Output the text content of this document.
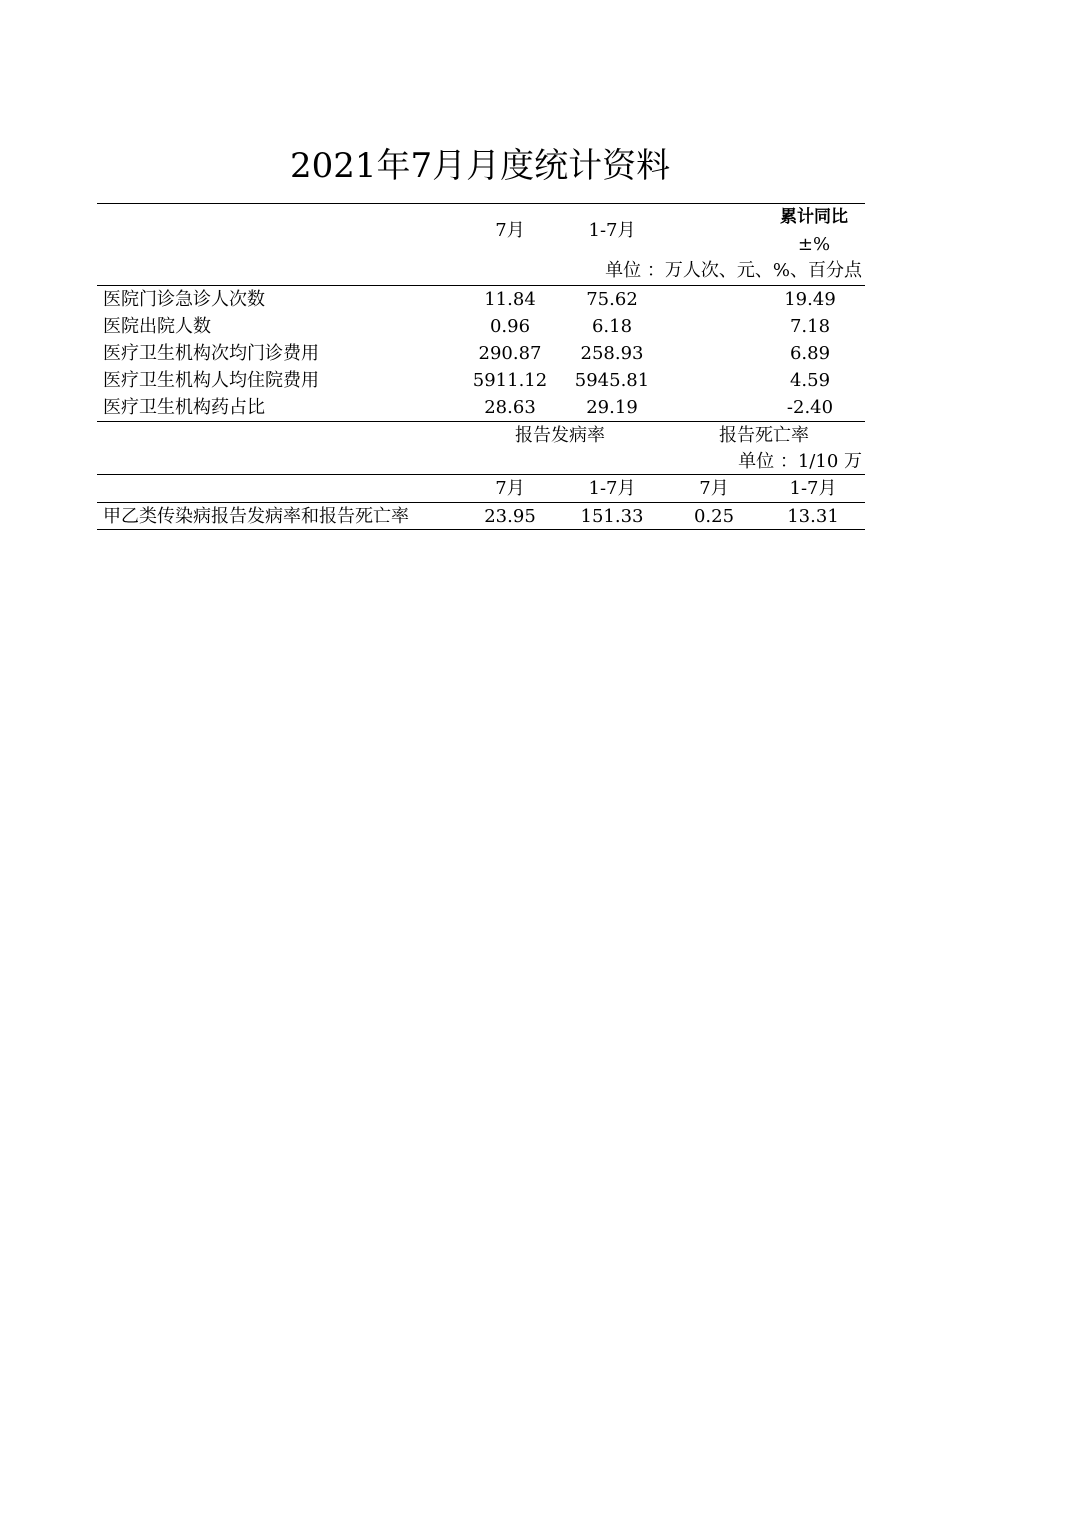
2021年7月月度统计资料
7月	1-7月
累计同比
±%
单位 ：万人次、元、%、百分点
医院门诊急诊人次数	11.84	75.62	19.49
医院出院人数	0.96	6.18	7.18
医疗卫生机构次均门诊费用	290.87	258.93	6.89
医疗卫生机构人均住院费用	5911.12	5945.81	4.59
医疗卫生机构药占比	28.63	29.19	-2.40
报告发病率	报告死亡率
单位 ：1/10 万
7月	1-7月	7月	1-7月
甲乙类传染病报告发病率和报告死亡率	23.95	151.33	0.25	13.31
